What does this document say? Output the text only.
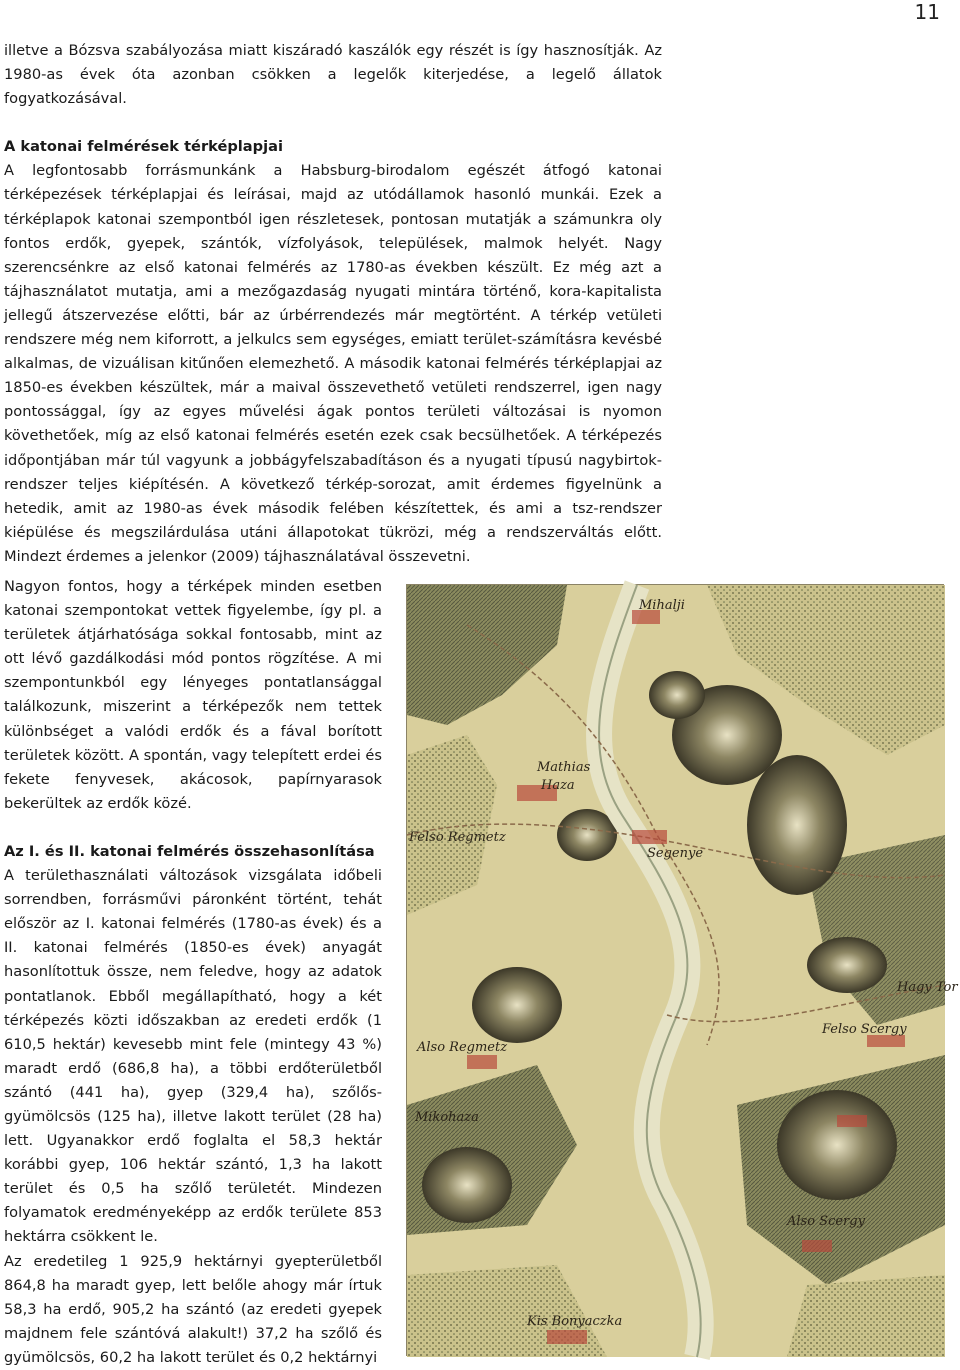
11

illetve a Bózsva szabályozása miatt kiszáradó kaszálók egy részét is így hasznosítják. Az 1980-as évek óta azonban csökken a legelők kiterjedése, a legelő állatok fogyatkozásával.

A katonai felmérések térképlapjai

A legfontosabb forrásmunkánk a Habsburg-birodalom egészét átfogó katonai térképezések térképlapjai és leírásai, majd az utódállamok hasonló munkái. Ezek a térképlapok katonai szempontból igen részletesek, pontosan mutatják a számunkra oly fontos erdők, gyepek, szántók, vízfolyások, települések, malmok helyét. Nagy szerencsénkre az első katonai felmérés az 1780-as években készült. Ez még azt a tájhasználatot mutatja, ami a mezőgazdaság nyugati mintára történő, kora-kapitalista jellegű átszervezése előtti, bár az úrbérrendezés már megtörtént. A térkép vetületi rendszere még nem kiforrott, a jelkulcs sem egységes, emiatt terület-számításra kevésbé alkalmas, de vizuálisan kitűnően elemezhető. A második katonai felmérés térképlapjai az 1850-es években készültek, már a maival összevethető vetületi rendszerrel, igen nagy pontossággal, így az egyes művelési ágak pontos területi változásai is nyomon követhetőek, míg az első katonai felmérés esetén ezek csak becsülhetőek. A térképezés időpontjában már túl vagyunk a jobbágyfelszabadításon és a nyugati típusú nagybirtok-rendszer teljes kiépítésén. A következő térkép-sorozat, amit érdemes figyelnünk a hetedik, amit az 1980-as évek második felében készítettek, és ami a tsz-rendszer kiépülése és megszilárdulása utáni állapotokat tükrözi, még a rendszerváltás előtt. Mindezt érdemes a jelenkor (2009) tájhasználatával összevetni.

Nagyon fontos, hogy a térképek minden esetben katonai szempontokat vettek figyelembe, így pl. a területek átjárhatósága sokkal fontosabb, mint az ott lévő gazdálkodási mód pontos rögzítése. A mi szempontunkból egy lényeges pontatlansággal találkozunk, miszerint a térképezők nem tettek különbséget a valódi erdők és a fával borított területek között. A spontán, vagy telepített erdei és fekete fenyvesek, akácosok, papírnyarasok bekerültek az erdők közé.

Az I. és II. katonai felmérés összehasonlítása

A területhasználati változások vizsgálata időbeli sorrendben, forrásművi páronként történt, tehát először az I. katonai felmérés (1780-as évek) és a II. katonai felmérés (1850-es évek) anyagát hasonlítottuk össze, nem feledve, hogy az adatok pontatlanok. Ebből megállapítható, hogy a két térképezés közti időszakban az eredeti erdők (1 610,5 hektár) kevesebb mint fele (mintegy 43 %) maradt erdő (686,8 ha), a többi erdőterületből szántó (441 ha), gyep (329,4 ha), szőlős-gyümölcsös (125 ha), illetve lakott terület (28 ha) lett. Ugyanakkor erdő foglalta el 58,3 hektár korábbi gyep, 106 hektár szántó, 1,3 ha lakott terület és 0,5 ha szőlő területét. Mindezen folyamatok eredményeképp az erdők területe 853 hektárra csökkent le.

Az eredetileg 1 925,9 hektárnyi gyepterületből 864,8 ha maradt gyep, lett belőle ahogy már írtuk 58,3 ha erdő, 905,2 ha szántó (az eredeti gyepek majdnem fele szántóvá alakult!) 37,2 ha szőlő és gyümölcsös, 60,2 ha lakott terület és 0,2 hektárnyi

Mihalji
Mathias
Haza
Felso Regmetz
Segenye
Hagy Tor
Also Regmetz
Felso Scergy
Mikohaza
Also Scergy
Kis Bonyaczka
